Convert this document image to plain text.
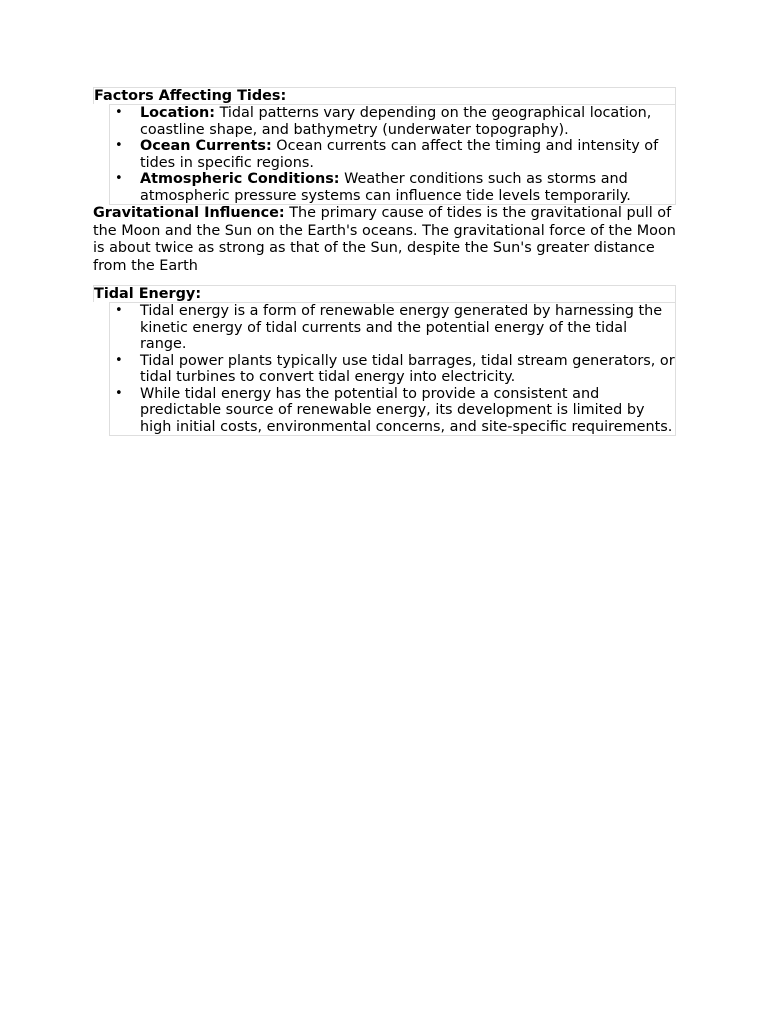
Factors Affecting Tides:
• Location: Tidal patterns vary depending on the geographical location, coastline shape, and bathymetry (underwater topography).
• Ocean Currents: Ocean currents can affect the timing and intensity of tides in specific regions.
• Atmospheric Conditions: Weather conditions such as storms and atmospheric pressure systems can influence tide levels temporarily.

Gravitational Influence: The primary cause of tides is the gravitational pull of the Moon and the Sun on the Earth's oceans. The gravitational force of the Moon is about twice as strong as that of the Sun, despite the Sun's greater distance from the Earth

Tidal Energy:
• Tidal energy is a form of renewable energy generated by harnessing the kinetic energy of tidal currents and the potential energy of the tidal range.
• Tidal power plants typically use tidal barrages, tidal stream generators, or tidal turbines to convert tidal energy into electricity.
• While tidal energy has the potential to provide a consistent and predictable source of renewable energy, its development is limited by high initial costs, environmental concerns, and site-specific requirements.
